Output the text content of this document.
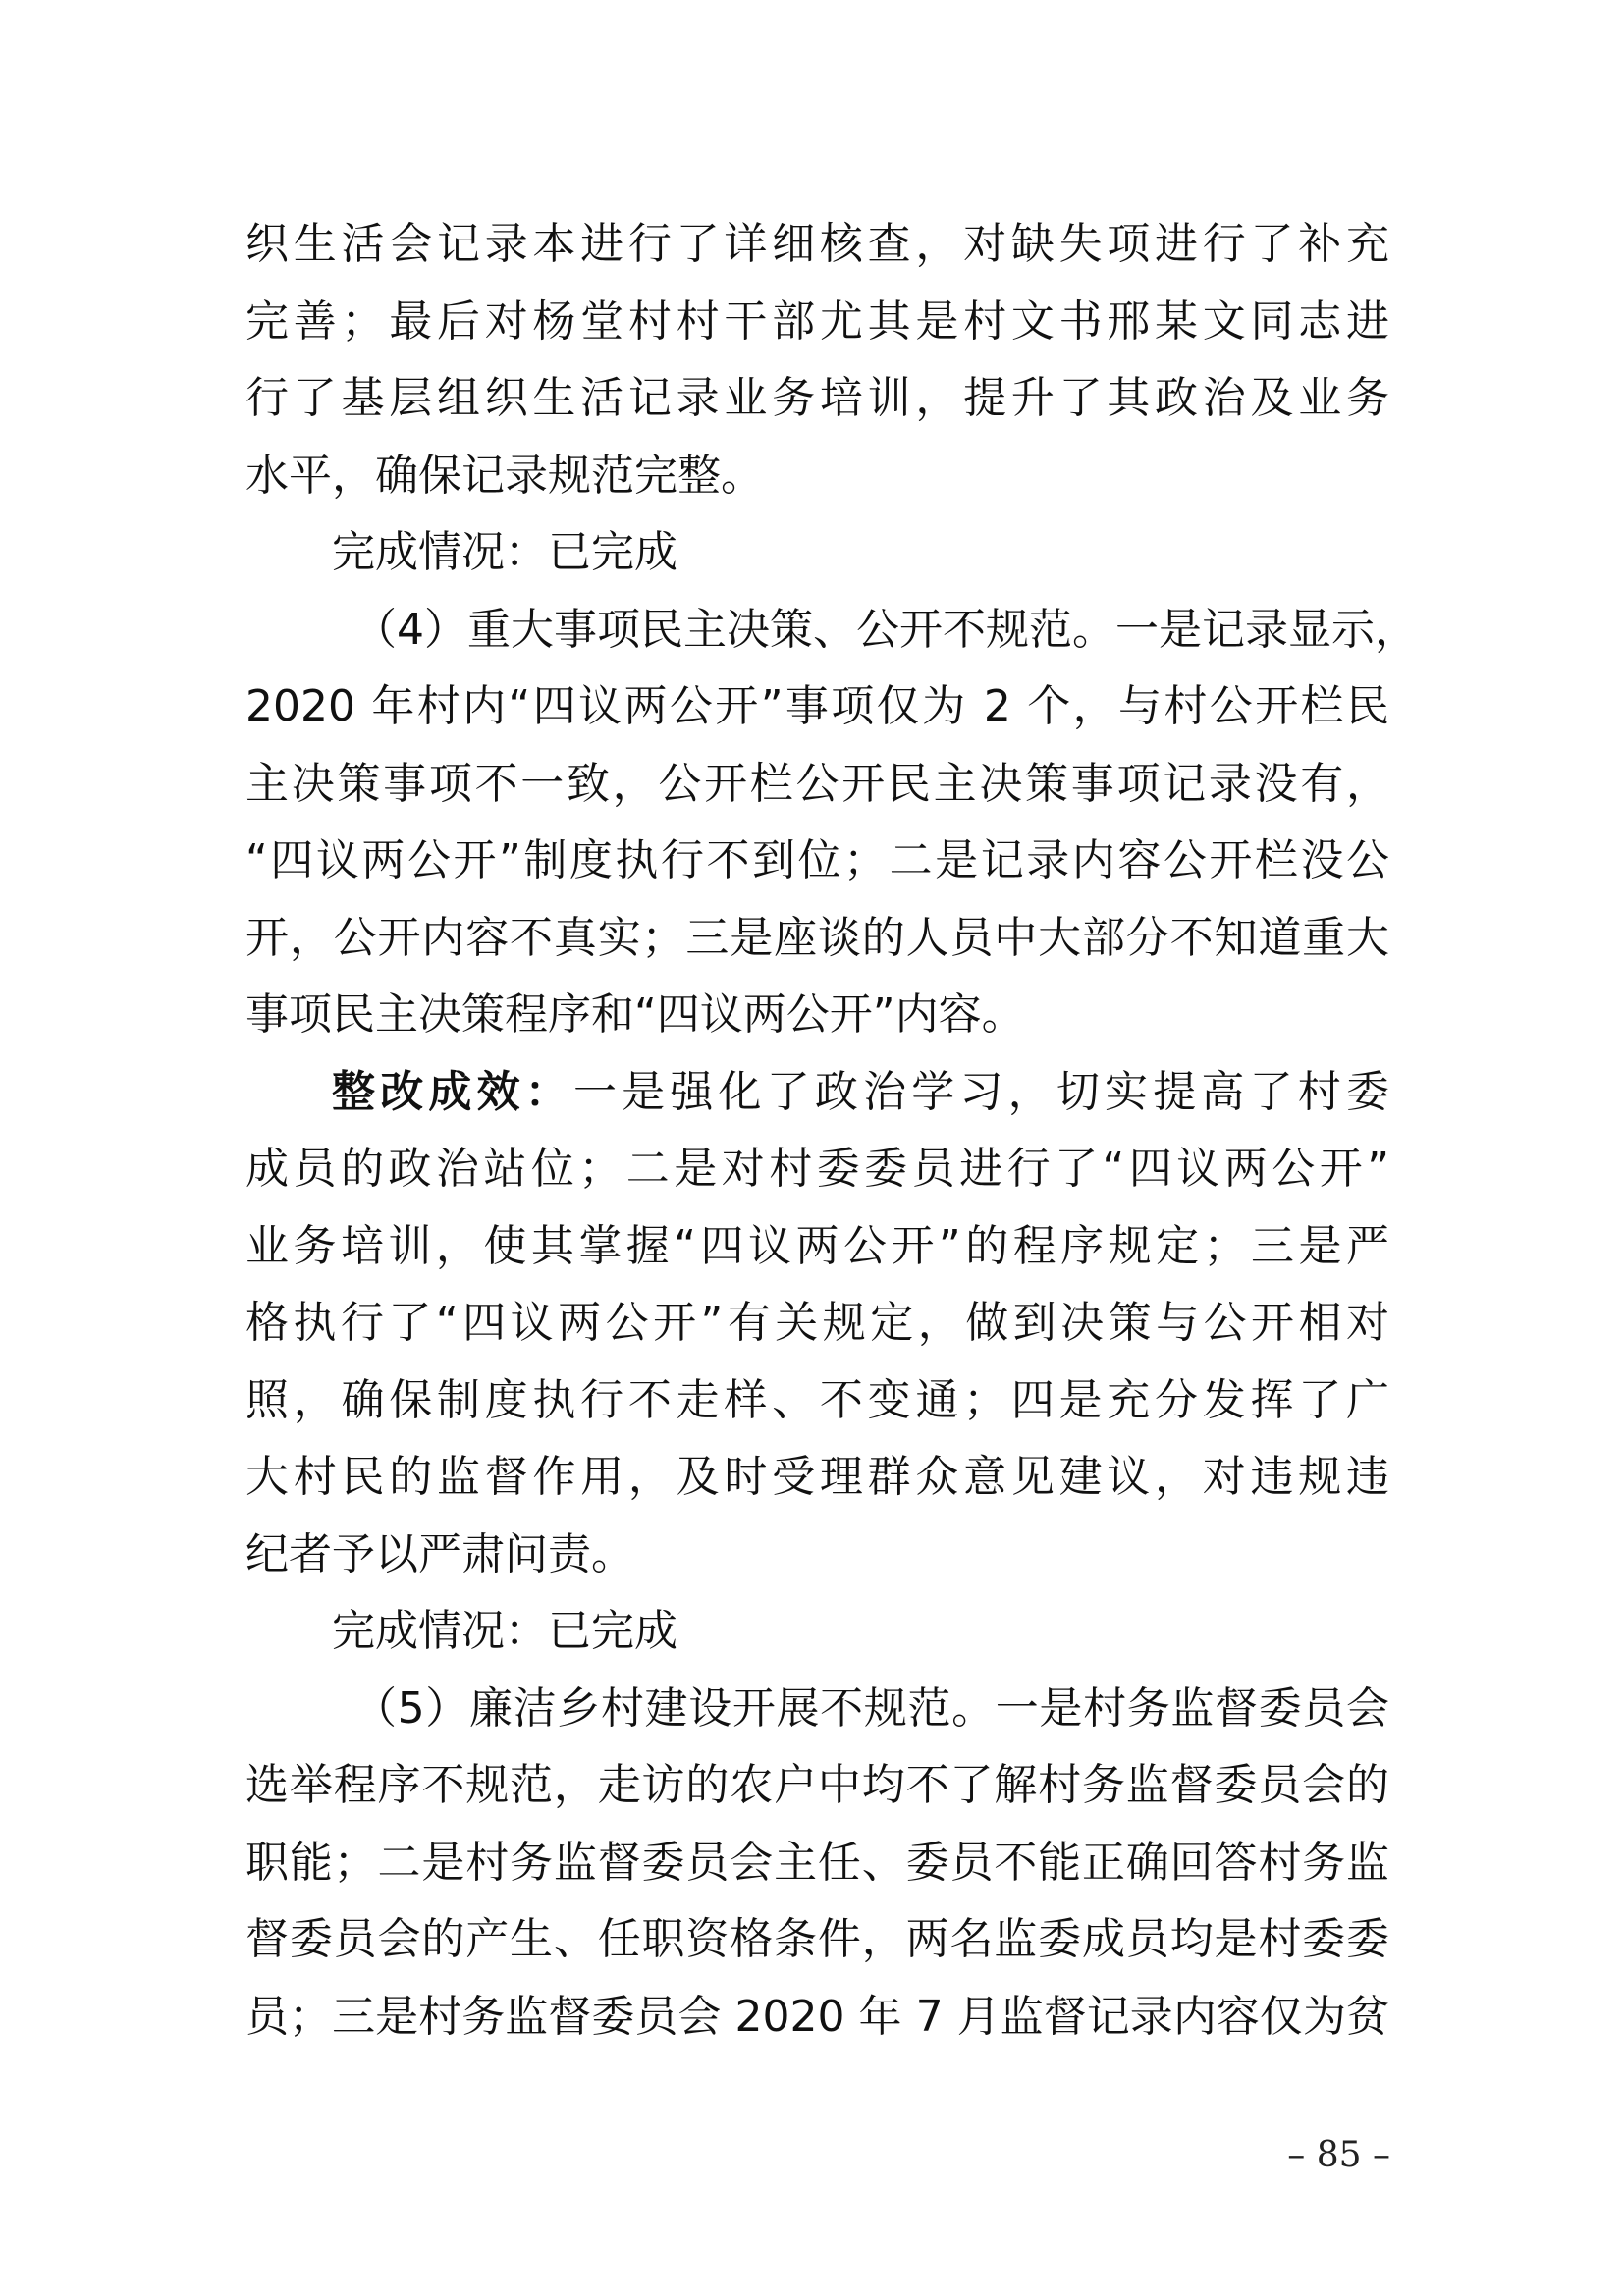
织生活会记录本进行了详细核查，对缺失项进行了补充
完善；最后对杨堂村村干部尤其是村文书邢某文同志进
行了基层组织生活记录业务培训，提升了其政治及业务
水平，确保记录规范完整。

完成情况：已完成

（4）重大事项民主决策、公开不规范。一是记录显示，
2020 年村内“四议两公开”事项仅为 2 个，与村公开栏民
主决策事项不一致，公开栏公开民主决策事项记录没有，
“四议两公开”制度执行不到位；二是记录内容公开栏没公
开，公开内容不真实；三是座谈的人员中大部分不知道重大
事项民主决策程序和“四议两公开”内容。

整改成效：一是强化了政治学习，切实提高了村委
成员的政治站位；二是对村委委员进行了“四议两公开”
业务培训，使其掌握“四议两公开”的程序规定；三是严
格执行了“四议两公开”有关规定，做到决策与公开相对
照，确保制度执行不走样、不变通；四是充分发挥了广
大村民的监督作用，及时受理群众意见建议，对违规违
纪者予以严肃问责。

完成情况：已完成

（5）廉洁乡村建设开展不规范。一是村务监督委员会
选举程序不规范，走访的农户中均不了解村务监督委员会的
职能；二是村务监督委员会主任、委员不能正确回答村务监
督委员会的产生、任职资格条件，两名监委成员均是村委委
员；三是村务监督委员会 2020 年 7 月监督记录内容仅为贫

– 85 –
